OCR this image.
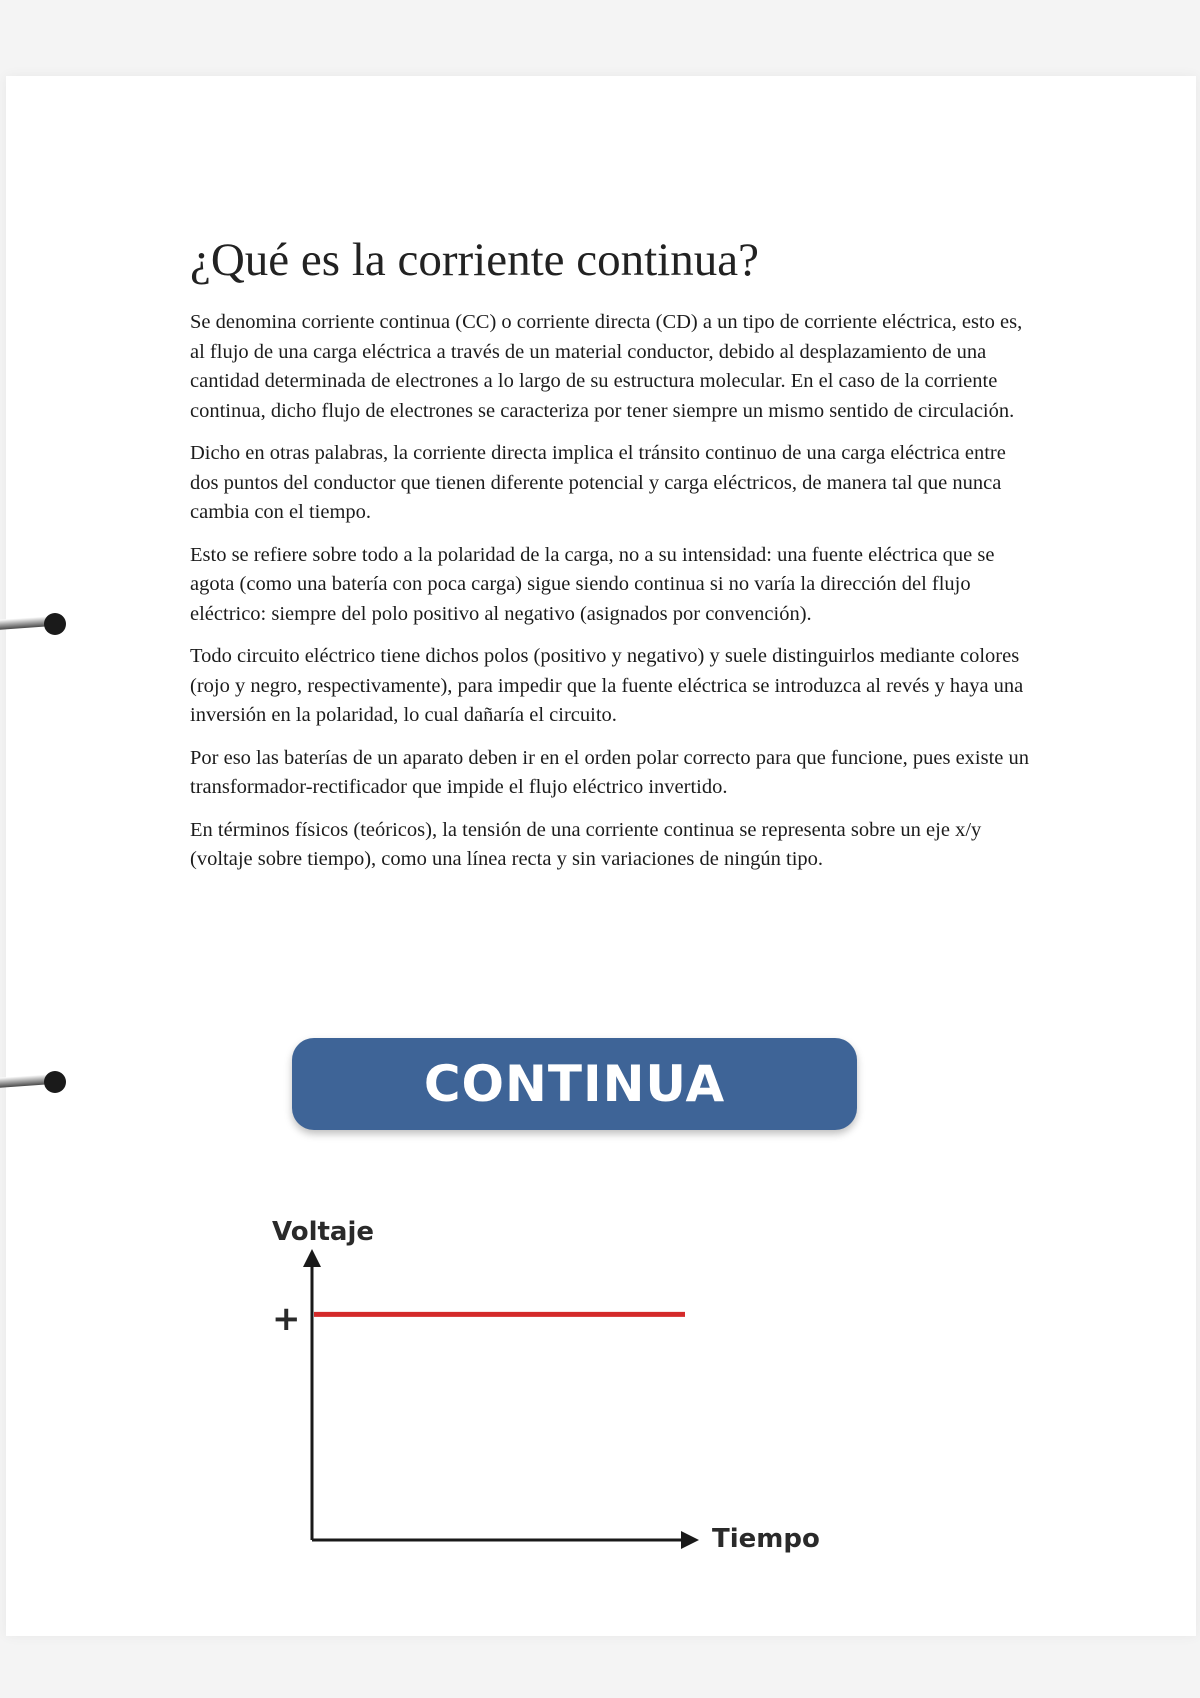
¿Qué es la corriente continua?

Se denomina corriente continua (CC) o corriente directa (CD) a un tipo de corriente eléctrica, esto es, al flujo de una carga eléctrica a través de un material conductor, debido al desplazamiento de una cantidad determinada de electrones a lo largo de su estructura molecular. En el caso de la corriente continua, dicho flujo de electrones se caracteriza por tener siempre un mismo sentido de circulación.

Dicho en otras palabras, la corriente directa implica el tránsito continuo de una carga eléctrica entre dos puntos del conductor que tienen diferente potencial y carga eléctricos, de manera tal que nunca cambia con el tiempo.

Esto se refiere sobre todo a la polaridad de la carga, no a su intensidad: una fuente eléctrica que se agota (como una batería con poca carga) sigue siendo continua si no varía la dirección del flujo eléctrico: siempre del polo positivo al negativo (asignados por convención).

Todo circuito eléctrico tiene dichos polos (positivo y negativo) y suele distinguirlos mediante colores (rojo y negro, respectivamente), para impedir que la fuente eléctrica se introduzca al revés y haya una inversión en la polaridad, lo cual dañaría el circuito.

Por eso las baterías de un aparato deben ir en el orden polar correcto para que funcione, pues existe un transformador-rectificador que impide el flujo eléctrico invertido.

En términos físicos (teóricos), la tensión de una corriente continua se representa sobre un eje x/y (voltaje sobre tiempo), como una línea recta y sin variaciones de ningún tipo.

CONTINUA
Voltaje
Tiempo
+
